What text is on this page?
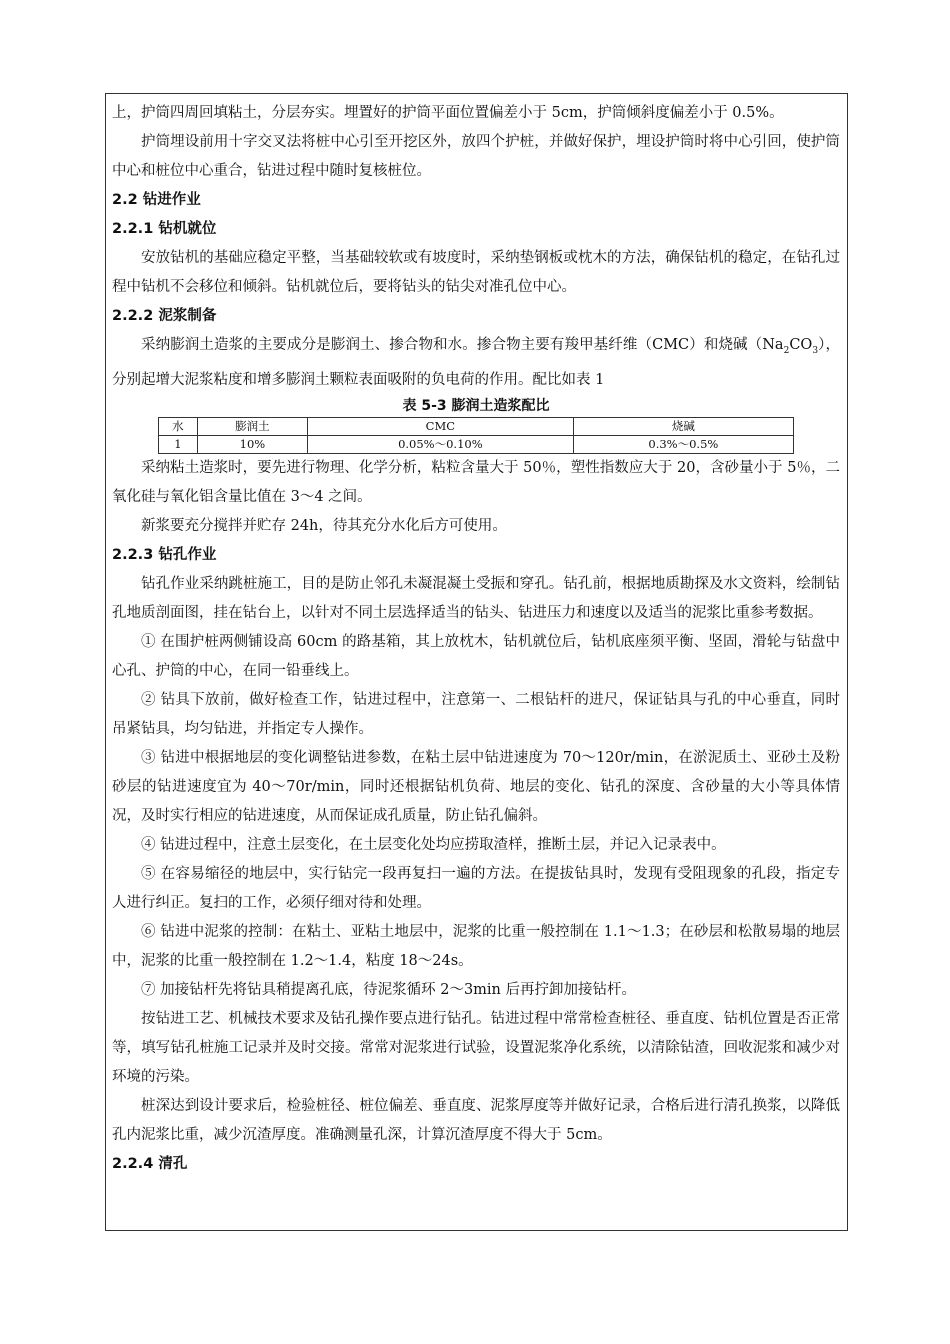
上，护筒四周回填粘土，分层夯实。埋置好的护筒平面位置偏差小于 5cm，护筒倾斜度偏差小于 0.5%。

护筒埋设前用十字交叉法将桩中心引至开挖区外，放四个护桩，并做好保护，埋设护筒时将中心引回，使护筒中心和桩位中心重合，钻进过程中随时复核桩位。

2.2 钻进作业

2.2.1 钻机就位

安放钻机的基础应稳定平整，当基础较软或有坡度时，采纳垫钢板或枕木的方法，确保钻机的稳定，在钻孔过程中钻机不会移位和倾斜。钻机就位后，要将钻头的钻尖对准孔位中心。

2.2.2 泥浆制备

采纳膨润土造浆的主要成分是膨润土、掺合物和水。掺合物主要有羧甲基纤维（CMC）和烧碱$(Na_2CO_3)$，分别起增大泥浆粘度和增多膨润土颗粒表面吸附的负电荷的作用。配比如表 1

表 5-3 膨润土造浆配比

水	膨润土	CMC	烧碱
1	10%	0.05%～0.10%	0.3%～0.5%

采纳粘土造浆时，要先进行物理、化学分析，粘粒含量大于 50％，塑性指数应大于 20，含砂量小于 5％，二氧化硅与氧化铝含量比值在 3～4 之间。

新浆要充分搅拌并贮存 24h，待其充分水化后方可使用。

2.2.3 钻孔作业

钻孔作业采纳跳桩施工，目的是防止邻孔未凝混凝土受振和穿孔。钻孔前，根据地质勘探及水文资料，绘制钻孔地质剖面图，挂在钻台上，以针对不同土层选择适当的钻头、钻进压力和速度以及适当的泥浆比重参考数据。

① 在围护桩两侧铺设高 60cm 的路基箱，其上放枕木，钻机就位后，钻机底座须平衡、坚固，滑轮与钻盘中心孔、护筒的中心，在同一铅垂线上。

② 钻具下放前，做好检查工作，钻进过程中，注意第一、二根钻杆的进尺，保证钻具与孔的中心垂直，同时吊紧钻具，均匀钻进，并指定专人操作。

③ 钻进中根据地层的变化调整钻进参数，在粘土层中钻进速度为 70～120r/min，在淤泥质土、亚砂土及粉砂层的钻进速度宜为 40～70r/min，同时还根据钻机负荷、地层的变化、钻孔的深度、含砂量的大小等具体情况，及时实行相应的钻进速度，从而保证成孔质量，防止钻孔偏斜。

④ 钻进过程中，注意土层变化，在土层变化处均应捞取渣样，推断土层，并记入记录表中。

⑤ 在容易缩径的地层中，实行钻完一段再复扫一遍的方法。在提拔钻具时，发现有受阻现象的孔段，指定专人进行纠正。复扫的工作，必须仔细对待和处理。

⑥ 钻进中泥浆的控制：在粘土、亚粘土地层中，泥浆的比重一般控制在 1.1～1.3；在砂层和松散易塌的地层中，泥浆的比重一般控制在 1.2～1.4，粘度 18～24s。

⑦ 加接钻杆先将钻具稍提离孔底，待泥浆循环 2～3min 后再拧卸加接钻杆。

按钻进工艺、机械技术要求及钻孔操作要点进行钻孔。钻进过程中常常检查桩径、垂直度、钻机位置是否正常等，填写钻孔桩施工记录并及时交接。常常对泥浆进行试验，设置泥浆净化系统，以清除钻渣，回收泥浆和减少对环境的污染。

桩深达到设计要求后，检验桩径、桩位偏差、垂直度、泥浆厚度等并做好记录，合格后进行清孔换浆，以降低孔内泥浆比重，减少沉渣厚度。准确测量孔深，计算沉渣厚度不得大于 5cm。

2.2.4 清孔
